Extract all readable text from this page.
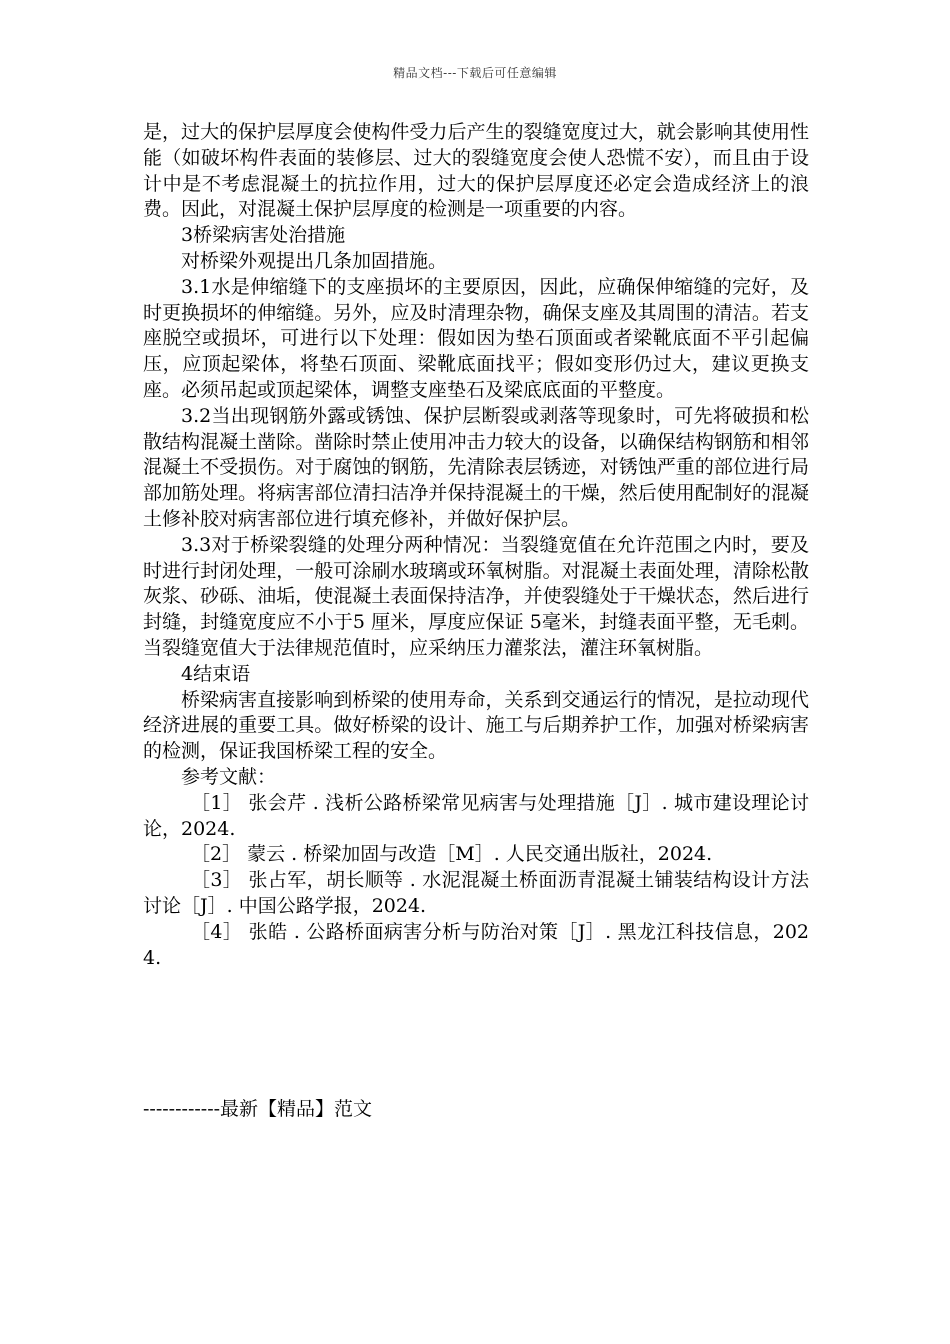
精品文档---下载后可任意编辑

是，过大的保护层厚度会使构件受力后产生的裂缝宽度过大，就会影响其使用性能（如破坏构件表面的装修层、过大的裂缝宽度会使人恐慌不安），而且由于设计中是不考虑混凝土的抗拉作用，过大的保护层厚度还必定会造成经济上的浪费。因此，对混凝土保护层厚度的检测是一项重要的内容。

3桥梁病害处治措施

对桥梁外观提出几条加固措施。

3.1水是伸缩缝下的支座损坏的主要原因，因此，应确保伸缩缝的完好，及时更换损坏的伸缩缝。另外，应及时清理杂物，确保支座及其周围的清洁。若支座脱空或损坏，可进行以下处理：假如因为垫石顶面或者梁靴底面不平引起偏压，应顶起梁体，将垫石顶面、梁靴底面找平；假如变形仍过大，建议更换支座。必须吊起或顶起梁体，调整支座垫石及梁底底面的平整度。

3.2当出现钢筋外露或锈蚀、保护层断裂或剥落等现象时，可先将破损和松散结构混凝土凿除。凿除时禁止使用冲击力较大的设备，以确保结构钢筋和相邻混凝土不受损伤。对于腐蚀的钢筋，先清除表层锈迹，对锈蚀严重的部位进行局部加筋处理。将病害部位清扫洁净并保持混凝土的干燥，然后使用配制好的混凝土修补胶对病害部位进行填充修补，并做好保护层。

3.3对于桥梁裂缝的处理分两种情况：当裂缝宽值在允许范围之内时，要及时进行封闭处理，一般可涂刷水玻璃或环氧树脂。对混凝土表面处理，清除松散灰浆、砂砾、油垢，使混凝土表面保持洁净，并使裂缝处于干燥状态，然后进行封缝，封缝宽度应不小于5 厘米，厚度应保证 5毫米，封缝表面平整，无毛刺。当裂缝宽值大于法律规范值时，应采纳压力灌浆法，灌注环氧树脂。

4结束语

桥梁病害直接影响到桥梁的使用寿命，关系到交通运行的情况，是拉动现代经济进展的重要工具。做好桥梁的设计、施工与后期养护工作，加强对桥梁病害的检测，保证我国桥梁工程的安全。

参考文献：

［1］ 张会芹 . 浅析公路桥梁常见病害与处理措施［J］. 城市建设理论讨论，2024.

［2］ 蒙云 . 桥梁加固与改造［M］. 人民交通出版社，2024.

［3］ 张占军，胡长顺等 . 水泥混凝土桥面沥青混凝土铺装结构设计方法讨论［J］. 中国公路学报，2024.

［4］ 张皓 . 公路桥面病害分析与防治对策［J］. 黑龙江科技信息，2024.

------------最新【精品】范文
